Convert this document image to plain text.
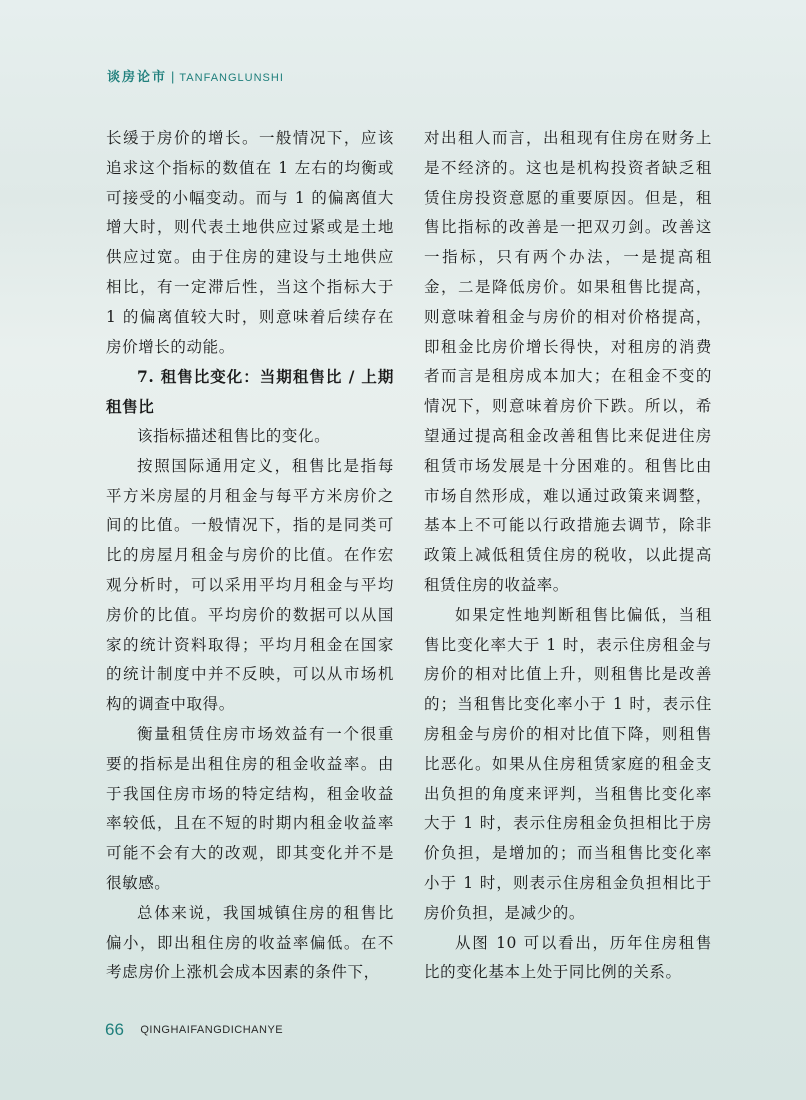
谈房论市 | TANFANGLUNSHI

长缓于房价的增长。一般情况下，应该追求这个指标的数值在 1 左右的均衡或可接受的小幅变动。而与 1 的偏离值大增大时，则代表土地供应过紧或是土地供应过宽。由于住房的建设与土地供应相比，有一定滞后性，当这个指标大于 1 的偏离值较大时，则意味着后续存在房价增长的动能。

7. 租售比变化：当期租售比 / 上期租售比

该指标描述租售比的变化。

按照国际通用定义，租售比是指每平方米房屋的月租金与每平方米房价之间的比值。一般情况下，指的是同类可比的房屋月租金与房价的比值。在作宏观分析时，可以采用平均月租金与平均房价的比值。平均房价的数据可以从国家的统计资料取得；平均月租金在国家的统计制度中并不反映，可以从市场机构的调查中取得。

衡量租赁住房市场效益有一个很重要的指标是出租住房的租金收益率。由于我国住房市场的特定结构，租金收益率较低，且在不短的时期内租金收益率可能不会有大的改观，即其变化并不是很敏感。

总体来说，我国城镇住房的租售比偏小，即出租住房的收益率偏低。在不考虑房价上涨机会成本因素的条件下，

对出租人而言，出租现有住房在财务上是不经济的。这也是机构投资者缺乏租赁住房投资意愿的重要原因。但是，租售比指标的改善是一把双刃剑。改善这一指标，只有两个办法，一是提高租金，二是降低房价。如果租售比提高，则意味着租金与房价的相对价格提高，即租金比房价增长得快，对租房的消费者而言是租房成本加大；在租金不变的情况下，则意味着房价下跌。所以，希望通过提高租金改善租售比来促进住房租赁市场发展是十分困难的。租售比由市场自然形成，难以通过政策来调整，基本上不可能以行政措施去调节，除非政策上减低租赁住房的税收，以此提高租赁住房的收益率。

如果定性地判断租售比偏低，当租售比变化率大于 1 时，表示住房租金与房价的相对比值上升，则租售比是改善的；当租售比变化率小于 1 时，表示住房租金与房价的相对比值下降，则租售比恶化。如果从住房租赁家庭的租金支出负担的角度来评判，当租售比变化率大于 1 时，表示住房租金负担相比于房价负担，是增加的；而当租售比变化率小于 1 时，则表示住房租金负担相比于房价负担，是减少的。

从图 10 可以看出，历年住房租售比的变化基本上处于同比例的关系。

66 QINGHAIFANGDICHANYE
